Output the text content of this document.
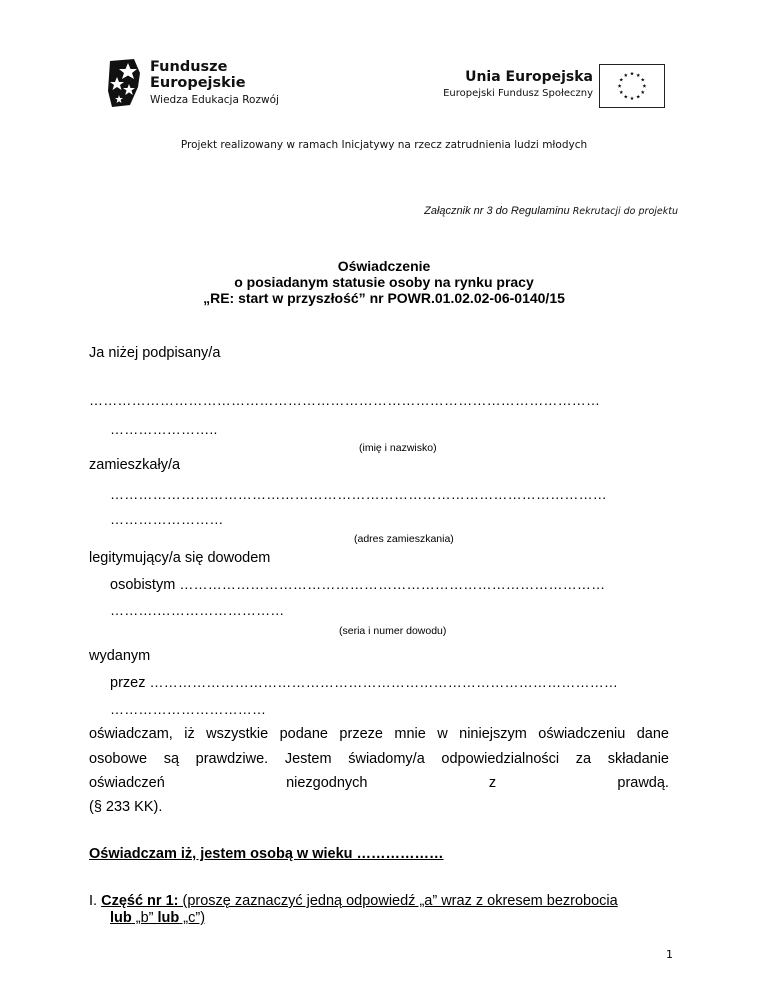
Fundusze
Europejskie
Wiedza Edukacja Rozwój
Unia Europejska
Europejski Fundusz Społeczny
Projekt realizowany w ramach Inicjatywy na rzecz zatrudnienia ludzi młodych
Załącznik nr 3 do Regulaminu Rekrutacji do projektu
Oświadczenie
o posiadanym statusie osoby na rynku pracy
„RE: start w przyszłość” nr POWR.01.02.02-06-0140/15
Ja niżej podpisany/a
………………………………………………………………………………………………
…………………..
(imię i nazwisko)
zamieszkały/a
……………………………………………………………………………………………
……………………
(adres zamieszkania)
legitymujący/a się dowodem
osobistym ………………………………………………………………………………
……….………………………
(seria i numer dowodu)
wydanym
przez ………………………………………………………………………………………
……………………………
oświadczam, iż wszystkie podane przeze mnie w niniejszym oświadczeniu dane
osobowe są prawdziwe. Jestem świadomy/a odpowiedzialności za składanie
oświadczeń	niezgodnych	z	prawdą.
(§ 233 KK).
Oświadczam iż, jestem osobą w wieku ………………
I. Część nr 1: (proszę zaznaczyć jedną odpowiedź „a” wraz z okresem bezrobocia
lub „b” lub „c”)
1
